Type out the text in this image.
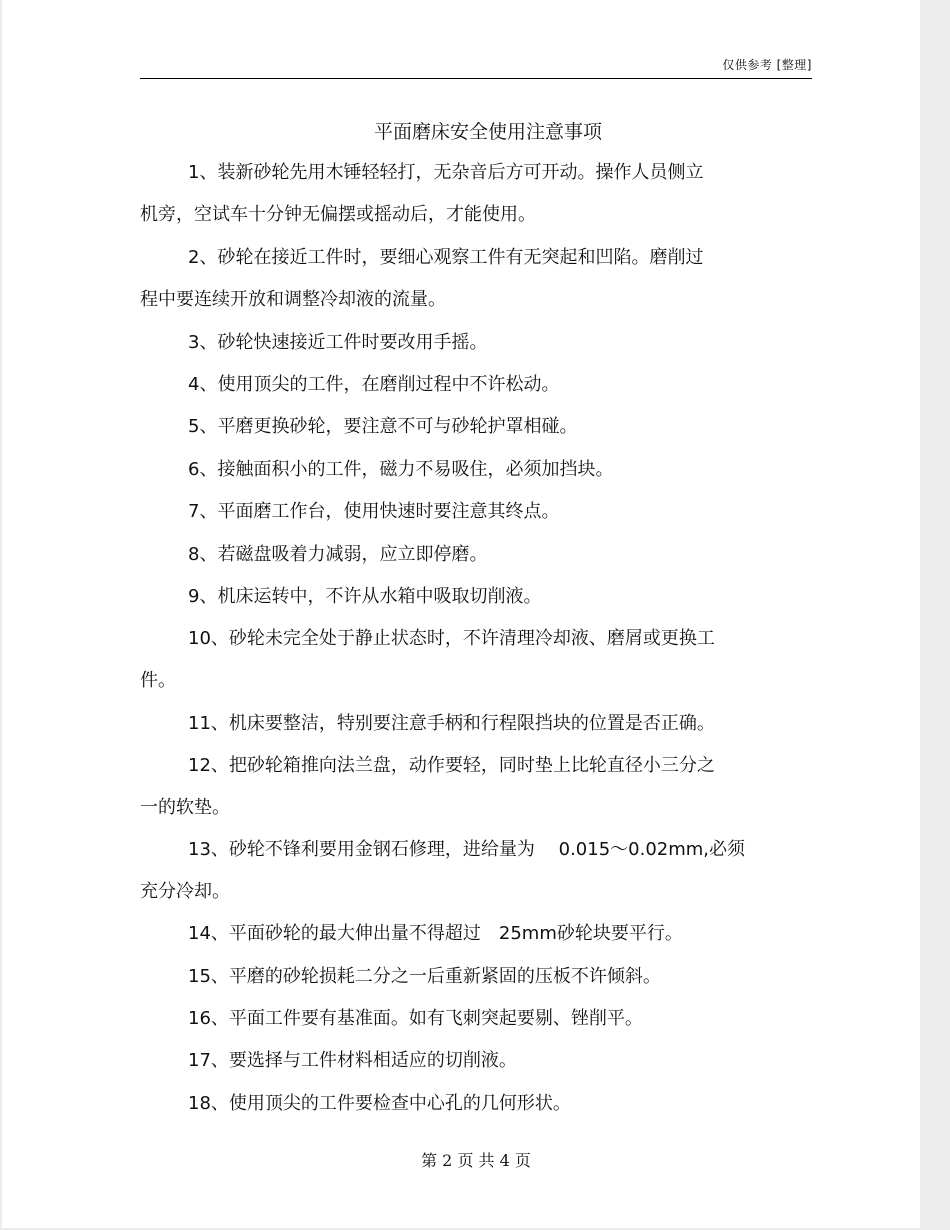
仅供参考 [整理]
平面磨床安全使用注意事项
1、装新砂轮先用木锤轻轻打，无杂音后方可开动。操作人员侧立
机旁，空试车十分钟无偏摆或摇动后，才能使用。
2、砂轮在接近工件时，要细心观察工件有无突起和凹陷。磨削过
程中要连续开放和调整冷却液的流量。
3、砂轮快速接近工件时要改用手摇。
4、使用顶尖的工件，在磨削过程中不许松动。
5、平磨更换砂轮，要注意不可与砂轮护罩相碰。
6、接触面积小的工件，磁力不易吸住，必须加挡块。
7、平面磨工作台，使用快速时要注意其终点。
8、若磁盘吸着力减弱，应立即停磨。
9、机床运转中，不许从水箱中吸取切削液。
10、砂轮未完全处于静止状态时，不许清理冷却液、磨屑或更换工
件。
11、机床要整洁，特别要注意手柄和行程限挡块的位置是否正确。
12、把砂轮箱推向法兰盘，动作要轻，同时垫上比轮直径小三分之
一的软垫。
13、砂轮不锋利要用金钢石修理，进给量为　 0.015～0.02mm,必须
充分冷却。
14、平面砂轮的最大伸出量不得超过　25mm砂轮块要平行。
15、平磨的砂轮损耗二分之一后重新紧固的压板不许倾斜。
16、平面工件要有基准面。如有飞刺突起要剔、锉削平。
17、要选择与工件材料相适应的切削液。
18、使用顶尖的工件要检查中心孔的几何形状。
第 2 页 共 4 页
